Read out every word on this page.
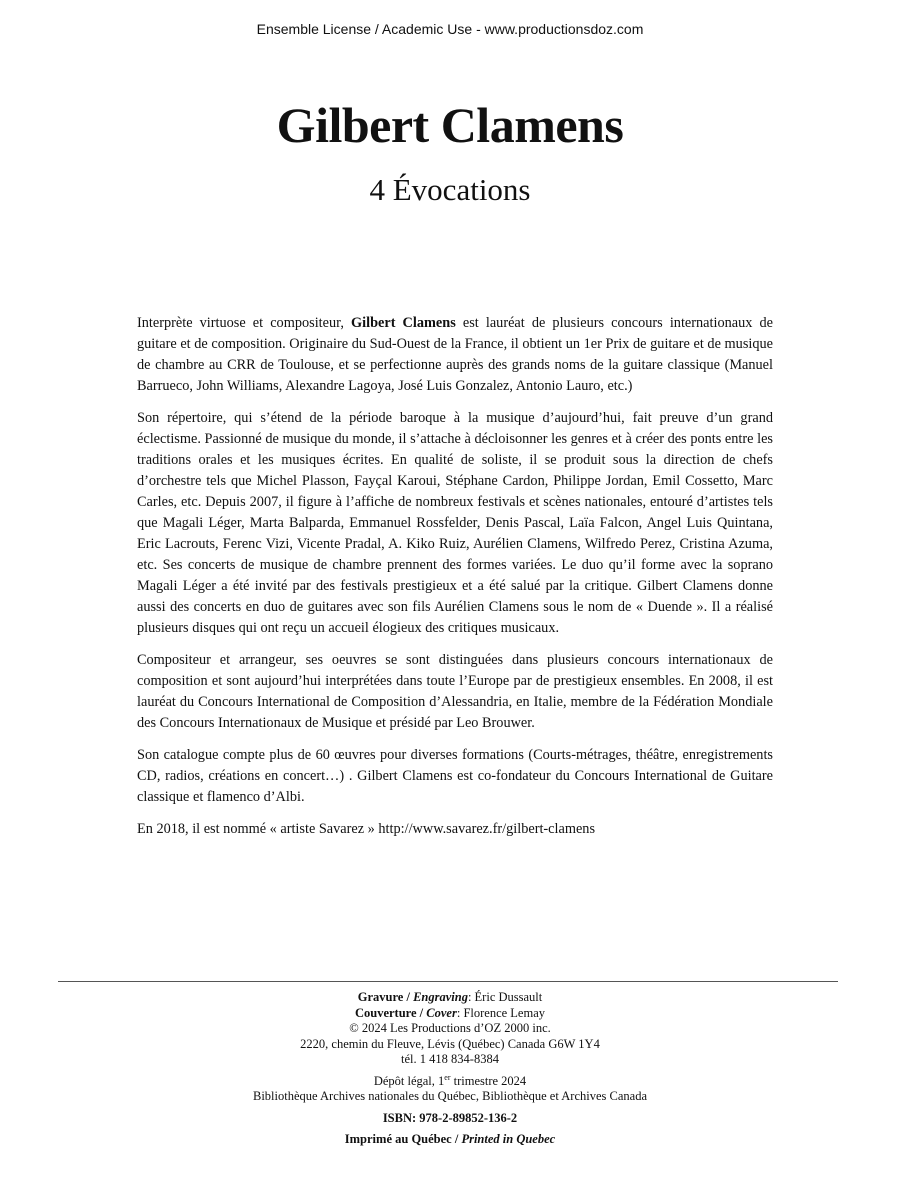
Ensemble License / Academic Use - www.productionsdoz.com
Gilbert Clamens
4 Évocations

Interprète virtuose et compositeur, Gilbert Clamens est lauréat de plusieurs concours internationaux de guitare et de composition. Originaire du Sud-Ouest de la France, il obtient un 1er Prix de guitare et de musique de chambre au CRR de Toulouse, et se perfectionne auprès des grands noms de la guitare classique (Manuel Barrueco, John Williams, Alexandre Lagoya, José Luis Gonzalez, Antonio Lauro, etc.)

Son répertoire, qui s’étend de la période baroque à la musique d’aujourd’hui, fait preuve d’un grand éclectisme. Passionné de musique du monde, il s’attache à décloisonner les genres et à créer des ponts entre les traditions orales et les musiques écrites. En qualité de soliste, il se produit sous la direction de chefs d’orchestre tels que Michel Plasson, Fayçal Karoui, Stéphane Cardon, Philippe Jordan, Emil Cossetto, Marc Carles, etc. Depuis 2007, il figure à l’affiche de nombreux festivals et scènes nationales, entouré d’artistes tels que Magali Léger, Marta Balparda, Emmanuel Rossfelder, Denis Pascal, Laïa Falcon, Angel Luis Quintana, Eric Lacrouts, Ferenc Vizi, Vicente Pradal, A. Kiko Ruiz, Aurélien Clamens, Wilfredo Perez, Cristina Azuma, etc. Ses concerts de musique de chambre prennent des formes variées. Le duo qu’il forme avec la soprano Magali Léger a été invité par des festivals prestigieux et a été salué par la critique. Gilbert Clamens donne aussi des concerts en duo de guitares avec son fils Aurélien Clamens sous le nom de « Duende ». Il a réalisé plusieurs disques qui ont reçu un accueil élogieux des critiques musicaux.

Compositeur et arrangeur, ses oeuvres se sont distinguées dans plusieurs concours internationaux de composition et sont aujourd’hui interprétées dans toute l’Europe par de prestigieux ensembles. En 2008, il est lauréat du Concours International de Composition d’Alessandria, en Italie, membre de la Fédération Mondiale des Concours Internationaux de Musique et présidé par Leo Brouwer.

Son catalogue compte plus de 60 œuvres pour diverses formations (Courts-métrages, théâtre, enregistrements CD, radios, créations en concert…) . Gilbert Clamens est co-fondateur du Concours International de Guitare classique et flamenco d’Albi.

En 2018, il est nommé « artiste Savarez » http://www.savarez.fr/gilbert-clamens

Gravure / Engraving: Éric Dussault
Couverture / Cover: Florence Lemay
© 2024 Les Productions d’OZ 2000 inc.
2220, chemin du Fleuve, Lévis (Québec) Canada G6W 1Y4
tél. 1 418 834-8384
Dépôt légal, 1er trimestre 2024
Bibliothèque Archives nationales du Québec, Bibliothèque et Archives Canada
ISBN: 978-2-89852-136-2
Imprimé au Québec / Printed in Quebec
